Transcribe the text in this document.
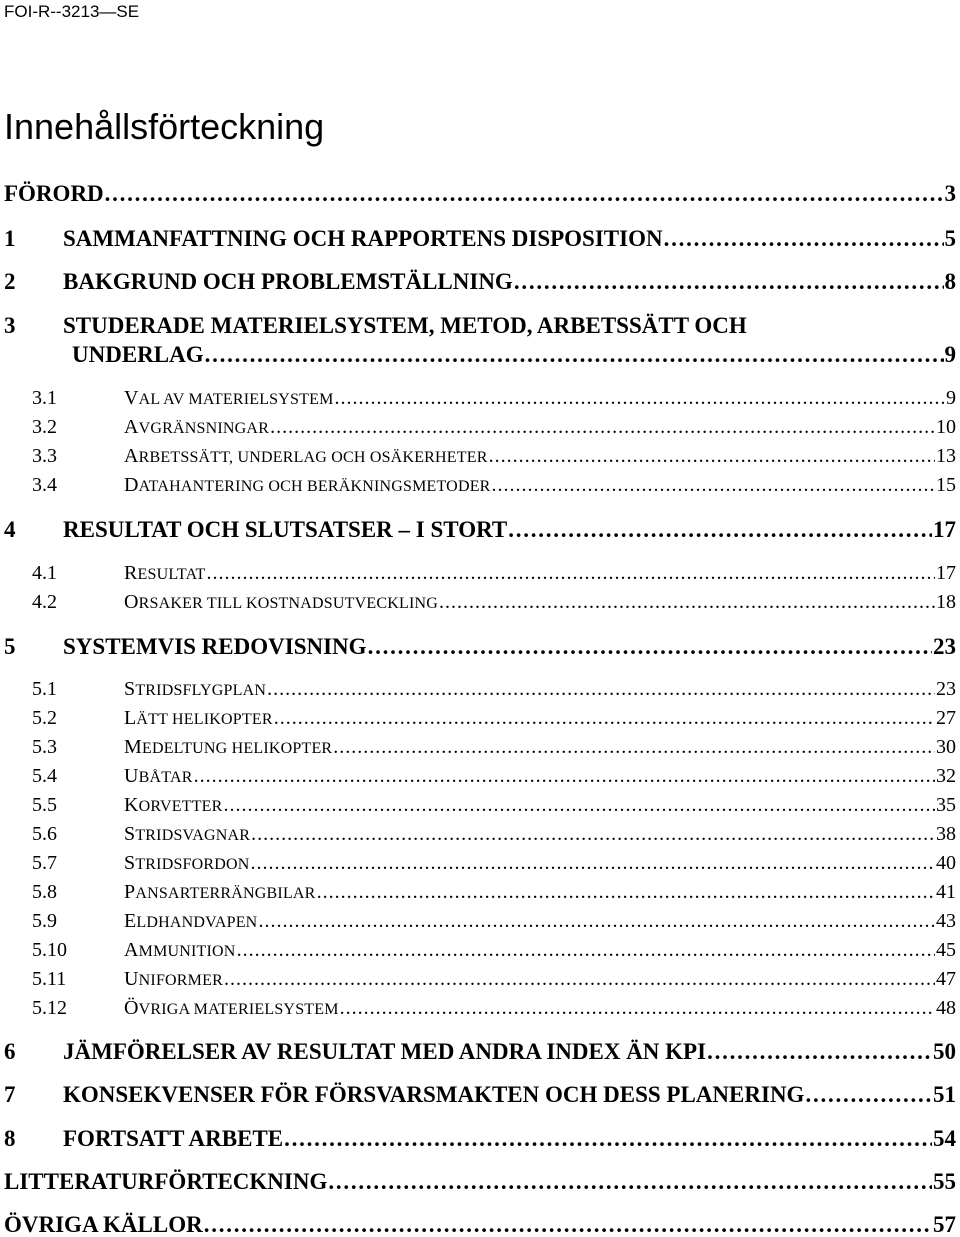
FOI-R--3213—SE
Innehållsförteckning
FÖRORD . . .	3
1	SAMMANFATTNING OCH RAPPORTENS DISPOSITION . . .	5
2	BAKGRUND OCH PROBLEMSTÄLLNING . . .	8
3	STUDERADE MATERIELSYSTEM, METOD, ARBETSSÄTT OCH
UNDERLAG . . .	9
3.1	VAL AV MATERIELSYSTEM . . .	9
3.2	AVGRÄNSNINGAR . . .	10
3.3	ARBETSSÄTT, UNDERLAG OCH OSÄKERHETER . . .	13
3.4	DATAHANTERING OCH BERÄKNINGSMETODER . . .	15
4	RESULTAT OCH SLUTSATSER – I STORT . . .	17
4.1	RESULTAT . . .	17
4.2	ORSAKER TILL KOSTNADSUTVECKLING . . .	18
5	SYSTEMVIS REDOVISNING . . .	23
5.1	STRIDSFLYGPLAN . . .	23
5.2	LÄTT HELIKOPTER . . .	27
5.3	MEDELTUNG HELIKOPTER . . .	30
5.4	UBÅTAR . . .	32
5.5	KORVETTER . . .	35
5.6	STRIDSVAGNAR . . .	38
5.7	STRIDSFORDON . . .	40
5.8	PANSARTERRÄNGBILAR . . .	41
5.9	ELDHANDVAPEN . . .	43
5.10	AMMUNITION . . .	45
5.11	UNIFORMER . . .	47
5.12	ÖVRIGA MATERIELSYSTEM . . .	48
6	JÄMFÖRELSER AV RESULTAT MED ANDRA INDEX ÄN KPI . . .	50
7	KONSEKVENSER FÖR FÖRSVARSMAKTEN OCH DESS PLANERING . . .	51
8	FORTSATT ARBETE . . .	54
LITTERATURFÖRTECKNING . . .	55
ÖVRIGA KÄLLOR . . .	57
